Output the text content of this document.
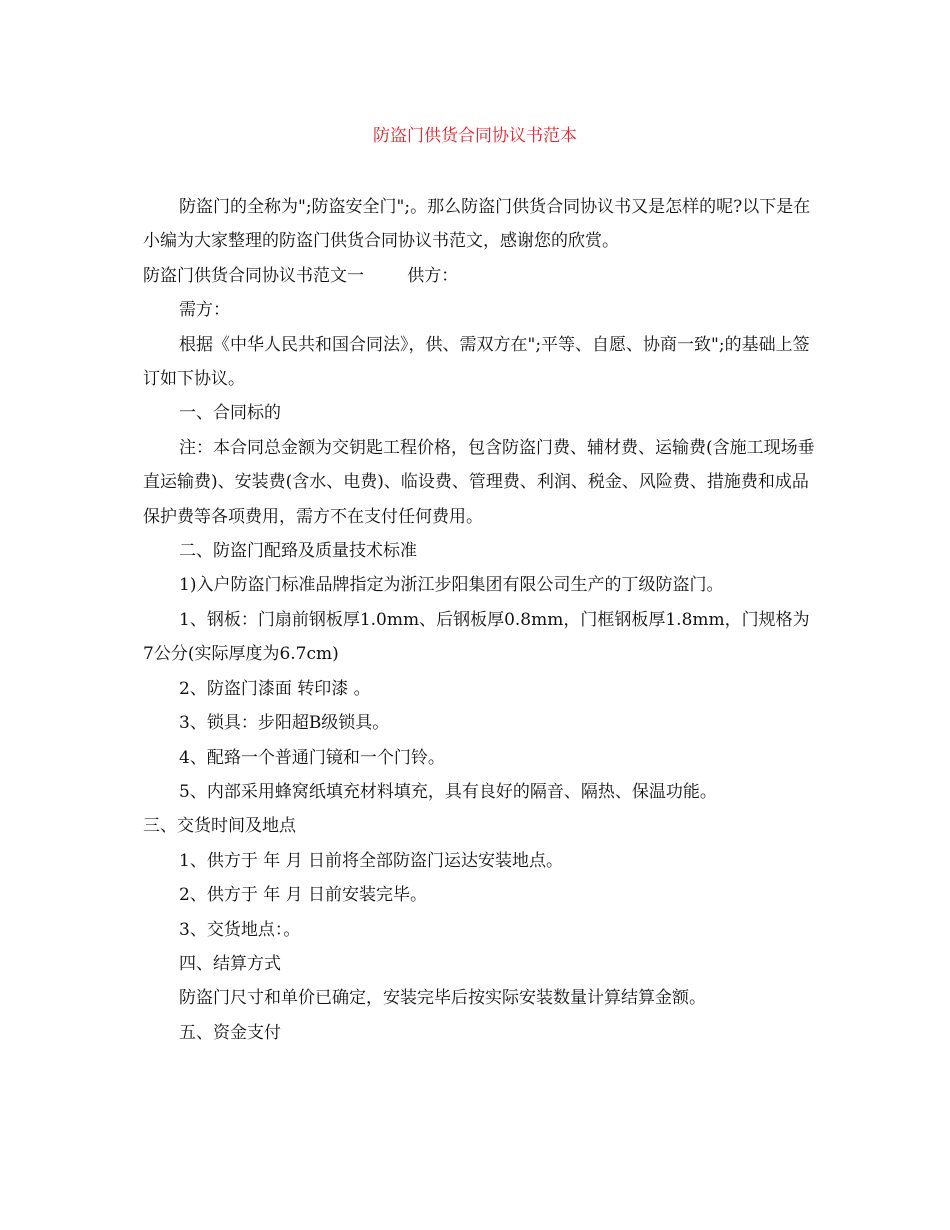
防盗门供货合同协议书范本

防盗门的全称为";防盗安全门";。那么防盗门供货合同协议书又是怎样的呢?以下是在小编为大家整理的防盗门供货合同协议书范文，感谢您的欣赏。

防盗门供货合同协议书范文一        供方：

需方：

根据《中华人民共和国合同法》，供、需双方在";平等、自愿、协商一致";的基础上签订如下协议。

一、合同标的

注：本合同总金额为交钥匙工程价格，包含防盗门费、辅材费、运输费(含施工现场垂直运输费)、安装费(含水、电费)、临设费、管理费、利润、税金、风险费、措施费和成品保护费等各项费用，需方不在支付任何费用。

二、防盗门配臵及质量技术标准

1)入户防盗门标准品牌指定为浙江步阳集团有限公司生产的丁级防盗门。

1、钢板：门扇前钢板厚1.0mm、后钢板厚0.8mm，门框钢板厚1.8mm，门规格为7公分(实际厚度为6.7cm)

2、防盗门漆面 转印漆 。

3、锁具：步阳超B级锁具。

4、配臵一个普通门镜和一个门铃。

5、内部采用蜂窝纸填充材料填充，具有良好的隔音、隔热、保温功能。

三、交货时间及地点

1、供方于 年 月 日前将全部防盗门运达安装地点。

2、供方于 年 月 日前安装完毕。

3、交货地点：。

四、结算方式

防盗门尺寸和单价已确定，安装完毕后按实际安装数量计算结算金额。

五、资金支付
